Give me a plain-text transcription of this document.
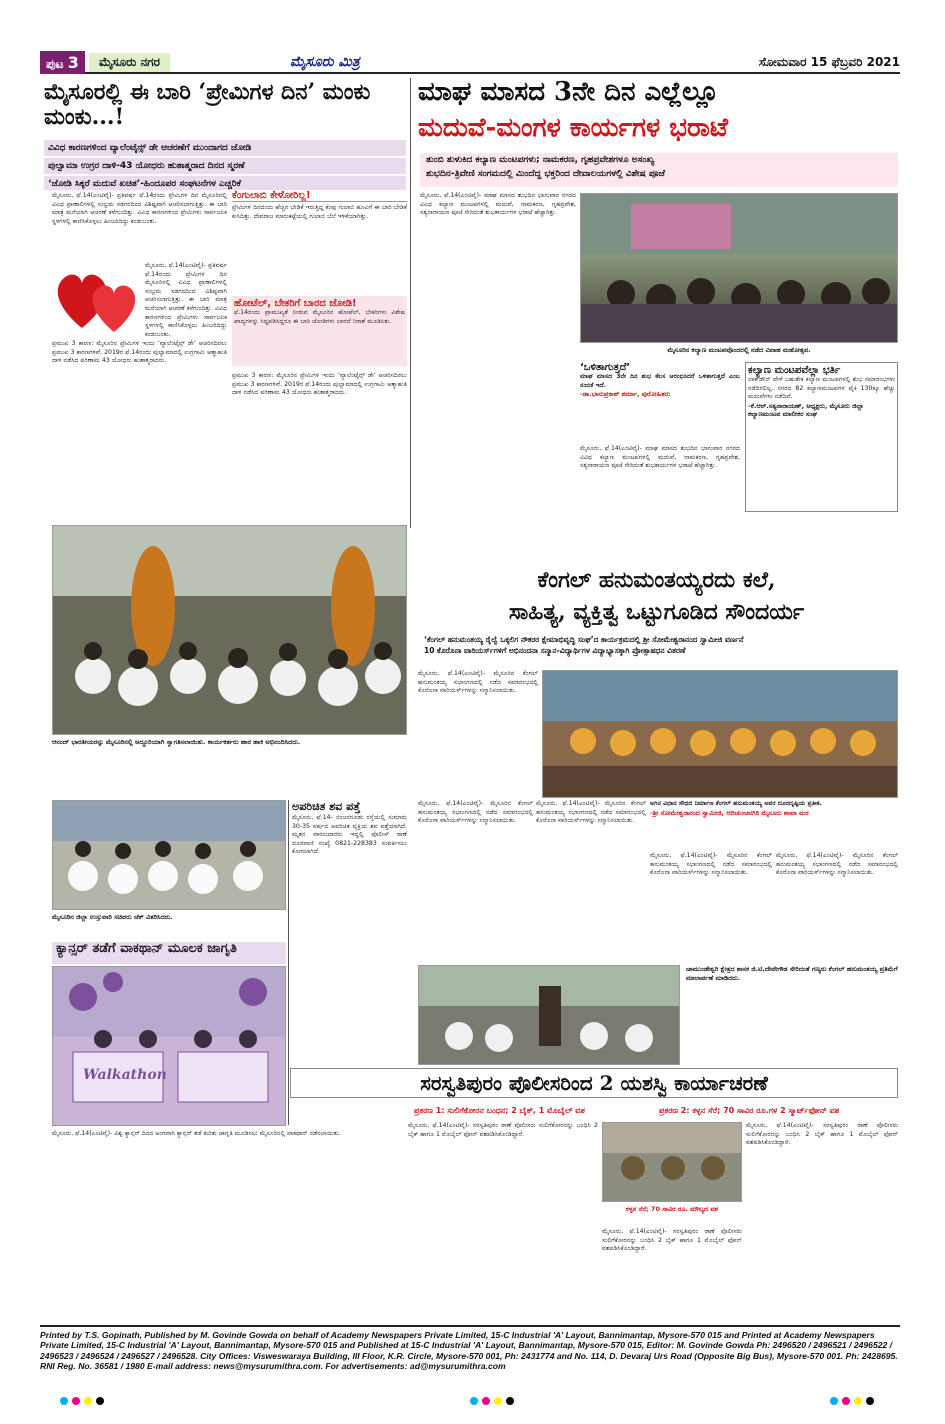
ಪುಟ 3	ಮೈಸೂರು ನಗರ	ಮೈಸೂರು ಮಿತ್ರ	ಸೋಮವಾರ 15 ಫೆಬ್ರವರಿ 2021
ಮೈಸೂರಲ್ಲಿ ಈ ಬಾರಿ ‘ಪ್ರೇಮಿಗಳ ದಿನ’ ಮಂಕು ಮಂಕು...!
ವಿವಿಧ ಕಾರಣಗಳಿಂದ ವ್ಯಾಲೆಂಟೈನ್ಸ್ ಡೇ ಆಚರಣೆಗೆ ಮುಂದಾಗದ ಜೋಡಿ
ಪುಲ್ವಾಮಾ ಉಗ್ರರ ದಾಳಿ-43 ಯೋಧರು ಹುತಾತ್ಮರಾದ ದಿನದ ಸ್ಮರಣೆ
‘ಜೋಡಿ ಸಿಕ್ಕರೆ ಮದುವೆ ಖಚಿತ’-ಹಿಂದೂಪರ ಸಂಘಟನೆಗಳ ಎಚ್ಚರಿಕೆ
ಮೈಸೂರು, ಫೆ.14(ಎಂಟಿವೈ)- ಪ್ರತಿವರ್ಷ ಫೆ.14ರಂದು ಪ್ರೇಮಿಗಳ ದಿನ ಮೈಸೂರಿನಲ್ಲಿ ವಿವಿಧ ಪ್ರಾಣಾಲಿಗಳಲ್ಲಿ ಸಂಭ್ರಮ ಸಡಗರದಿಂದ ವಿಶಿಷ್ಟವಾಗಿ ಆಚರಿಸಲಾಗುತ್ತಿತ್ತು. ಈ ಬಾರಿ ಮಾತ್ರ ಮರೆಯಾಗಿ ಆಚರಣೆ ಕಳೆಗುಂದಿತ್ತು. ವಿವಿಧ ಕಾರಣಗಳಿಂದ ಪ್ರೇಮಿಗಳು ಸಾರ್ವಜನಿಕ ಸ್ಥಳಗಳಲ್ಲಿ ಕಾಣಿಸಿಕೊಳ್ಳಲು ಹಿಂಜರಿದಿದ್ದು ಕಂಡುಬಂತು.
ಮೈಸೂರು, ಫೆ.14(ಎಂಟಿವೈ)- ಪ್ರತಿವರ್ಷ ಫೆ.14ರಂದು ಪ್ರೇಮಿಗಳ ದಿನ ಮೈಸೂರಿನಲ್ಲಿ ವಿವಿಧ ಪ್ರಾಣಾಲಿಗಳಲ್ಲಿ ಸಂಭ್ರಮ ಸಡಗರದಿಂದ ವಿಶಿಷ್ಟವಾಗಿ ಆಚರಿಸಲಾಗುತ್ತಿತ್ತು. ಈ ಬಾರಿ ಮಾತ್ರ ಮರೆಯಾಗಿ ಆಚರಣೆ ಕಳೆಗುಂದಿತ್ತು. ವಿವಿಧ ಕಾರಣಗಳಿಂದ ಪ್ರೇಮಿಗಳು ಸಾರ್ವಜನಿಕ ಸ್ಥಳಗಳಲ್ಲಿ ಕಾಣಿಸಿಕೊಳ್ಳಲು ಹಿಂಜರಿದಿದ್ದು ಕಂಡುಬಂತು.
ಪ್ರಮುಖ 3 ಕಾರಣ: ಮೈಸೂರಿನ ಪ್ರೇಮಿಗಳ ಇಂದು ‘ವ್ಯಾಲೆಂಟೈನ್ಸ್ ಡೇ’ ಆಚರಿಸದಿರಲು ಪ್ರಮುಖ 3 ಕಾರಣಗಳಿವೆ. 2019ರ ಫೆ.14ರಂದು ಪುಲ್ವಾಮಾದಲ್ಲಿ ಉಗ್ರಗಾಮಿ ಆತ್ಮಾಹುತಿ ದಾಳಿ ನಡೆಸಿದ ಪರಿಣಾಮ 43 ಯೋಧರು ಹುತಾತ್ಮರಾದರು.
ಕೆಂಗುಲಾಬಿ ಕೇಳೋರಿಲ್ಲ!
ಪ್ರೇಮಿಗಳ ದಿನದಂದು ಹೆಚ್ಚಿನ ಬೇಡಿಕೆ ಇರುತ್ತಿದ್ದ ಕೆಂಪು ಗುಲಾಬಿ ಹೂವಿಗೆ ಈ ಬಾರಿ ಬೇಡಿಕೆ ಕುಸಿದಿತ್ತು. ದೇವರಾಜ ಮಾರುಕಟ್ಟೆಯಲ್ಲಿ ಗುಲಾಬಿ ಬೆಲೆ ಇಳಿಕೆಯಾಗಿತ್ತು.
ಹೋಟೆಲ್, ಬೇಕರಿಗೆ ಬಾರದ ಜೋಡಿ!
ಫೆ.14ರಂದು ಪ್ರಾಮುಖ್ಯತೆ ನೀಡುವ ಮೈಸೂರಿನ ಹೋಟೆಲ್, ಬೇಕರಿಗಳು ವಿಶೇಷ ಖಾದ್ಯಗಳನ್ನು ಸಿದ್ಧಪಡಿಸಿದ್ದರೂ ಈ ಬಾರಿ ಜೋಡಿಗಳು ಬಾರದೆ ನಿರಾಶೆ ಮೂಡಿಸಿತು.
ಪ್ರಮುಖ 3 ಕಾರಣ: ಮೈಸೂರಿನ ಪ್ರೇಮಿಗಳ ಇಂದು ‘ವ್ಯಾಲೆಂಟೈನ್ಸ್ ಡೇ’ ಆಚರಿಸದಿರಲು ಪ್ರಮುಖ 3 ಕಾರಣಗಳಿವೆ. 2019ರ ಫೆ.14ರಂದು ಪುಲ್ವಾಮಾದಲ್ಲಿ ಉಗ್ರಗಾಮಿ ಆತ್ಮಾಹುತಿ ದಾಳಿ ನಡೆಸಿದ ಪರಿಣಾಮ 43 ಯೋಧರು ಹುತಾತ್ಮರಾದರು.
ಮಾಘ ಮಾಸದ 3ನೇ ದಿನ ಎಲ್ಲೆಲ್ಲೂ
ಮದುವೆ-ಮಂಗಳ ಕಾರ್ಯಗಳ ಭರಾಟೆ
ತುಂಬಿ ತುಳುಕಿದ ಕಲ್ಯಾಣ ಮಂಟಪಗಳು; ನಾಮಕರಣ, ಗೃಹಪ್ರವೇಶಗಳೂ ಅಸಂಖ್ಯ
ಶುಭದಿನ-ತ್ರಿವೇಣಿ ಸಂಗಮದಲ್ಲಿ ಮಿಂದೆದ್ದ ಭಕ್ತರಿಂದ ದೇವಾಲಯಗಳಲ್ಲಿ ವಿಶೇಷ ಪೂಜೆ
ಮೈಸೂರು, ಫೆ.14(ಎಂಟಿವೈ)- ಮಾಘ ಮಾಸದ ಶುಭದಿನ ಭಾನುವಾರ ನಗರದ ವಿವಿಧ ಕಲ್ಯಾಣ ಮಂಟಪಗಳಲ್ಲಿ ಮದುವೆ, ನಾಮಕರಣ, ಗೃಹಪ್ರವೇಶ, ಸತ್ಯನಾರಾಯಣ ಪೂಜೆ ಸೇರಿದಂತೆ ಶುಭಕಾರ್ಯಗಳ ಭರಾಟೆ ಹೆಚ್ಚಾಗಿತ್ತು.
ಮೈಸೂರಿನ ಕಲ್ಯಾಣ ಮಂಟಪವೊಂದರಲ್ಲಿ ನಡೆದ ವಿವಾಹ ಮಹೋತ್ಸವ.
‘ಒಳಿತಾಗುತ್ತದೆ’
ಮಾಘ ಮಾಸದ 3ನೇ ದಿನ ಶುಭ ಕೆಲಸ ಆರಂಭಿಸಿದರೆ ಒಳಿತಾಗುತ್ತದೆ ಎಂಬ ನಂಬಿಕೆ ಇದೆ.
-ಡಾ.ಭಾನುಪ್ರಕಾಶ್ ಶರ್ಮಾ, ಪುರೋಹಿತರು
ಕಲ್ಯಾಣ ಮಂಟಪವೆಲ್ಲಾ ಭರ್ತಿ
ಲಾಕ್‌ಡೌನ್ ವೇಳೆ ಬಹುತೇಕ ಕಲ್ಯಾಣ ಮಂಟಪಗಳಲ್ಲಿ ಶುಭ ಸಮಾರಂಭಗಳು ನಡೆದಿರಲಿಲ್ಲ. ನಗರದ 82 ಕಲ್ಯಾಣಮಂಟಪಗಳ ಪೈಕಿ 130ಕ್ಕೂ ಹೆಚ್ಚು ಮದುವೆಗಳು ನಡೆದಿವೆ.
-ಕೆ.ಆರ್.ಸತ್ಯನಾರಾಯಣ್, ಅಧ್ಯಕ್ಷರು, ಮೈಸೂರು ಜಿಲ್ಲಾ ಕಲ್ಯಾಣಮಂಟಪ ಮಾಲೀಕರ ಸಂಘ
ಮೈಸೂರು, ಫೆ.14(ಎಂಟಿವೈ)- ಮಾಘ ಮಾಸದ ಶುಭದಿನ ಭಾನುವಾರ ನಗರದ ವಿವಿಧ ಕಲ್ಯಾಣ ಮಂಟಪಗಳಲ್ಲಿ ಮದುವೆ, ನಾಮಕರಣ, ಗೃಹಪ್ರವೇಶ, ಸತ್ಯನಾರಾಯಣ ಪೂಜೆ ಸೇರಿದಂತೆ ಶುಭಕಾರ್ಯಗಳ ಭರಾಟೆ ಹೆಚ್ಚಾಗಿತ್ತು.
ಆನಂದ್ ಭಾರತೀಯರನ್ನು ಮೈಸೂರಿನಲ್ಲಿ ಅದ್ಧೂರಿಯಾಗಿ ಸ್ವಾಗತಿಸಲಾಯಿತು. ಕಾರ್ಯಕರ್ತರು ಹಾರ ಹಾಕಿ ಅಭಿನಂದಿಸಿದರು.
ಕೆಂಗಲ್ ಹನುಮಂತಯ್ಯರದು ಕಲೆ,
ಸಾಹಿತ್ಯ, ವ್ಯಕ್ತಿತ್ವ ಒಟ್ಟುಗೂಡಿದ ಸೌಂದರ್ಯ
‘ಕೆಂಗಲ್ ಹನುಮಂತಯ್ಯ ರೈಲ್ವೆ ಒಕ್ಕಲಿಗ ನೌಕರರ ಕ್ಷೇಮಾಭಿವೃದ್ಧಿ ಸಂಘ’ದ ಕಾರ್ಯಕ್ರಮದಲ್ಲಿ ಶ್ರೀ ಸೋಮೇಶ್ವರಾನಂದ ಸ್ವಾಮೀಜಿ ವರ್ಣನೆ
10 ಕೊರೊನಾ ವಾರಿಯರ್ಸ್‌ಗಳಿಗೆ ಅಭಿನಂದನಾ ಸನ್ಮಾನ-ವಿದ್ಯಾರ್ಥಿಗಳ ವಿದ್ಯಾಭ್ಯಾಸಕ್ಕಾಗಿ ಪ್ರೋತ್ಸಾಹಧನ ವಿತರಣೆ
ಮೈಸೂರು, ಫೆ.14(ಎಂಟಿವೈ)- ಮೈಸೂರಿನ ಕೆಂಗಲ್ ಹನುಮಂತಯ್ಯ ಸಭಾಂಗಣದಲ್ಲಿ ನಡೆದ ಸಮಾರಂಭದಲ್ಲಿ ಕೊರೊನಾ ವಾರಿಯರ್ಸ್‌ಗಳನ್ನು ಸನ್ಮಾನಿಸಲಾಯಿತು.
ಆಗಿನ ವಿಧಾನ ಸೌಧದ ನಿರ್ಮಾಣ ಕೆಂಗಲ್ ಹನುಮಂತಯ್ಯ ಅವರ ದೂರದೃಷ್ಟಿಯ ಪ್ರತೀಕ.
-ಶ್ರೀ ಸೋಮೇಶ್ವರಾನಂದ ಸ್ವಾಮೀಜಿ, ಆದಿಚುಂಚನಗಿರಿ ಮೈಸೂರು ಶಾಖಾ ಮಠ
ಮೈಸೂರು, ಫೆ.14(ಎಂಟಿವೈ)- ಮೈಸೂರಿನ ಕೆಂಗಲ್ ಹನುಮಂತಯ್ಯ ಸಭಾಂಗಣದಲ್ಲಿ ನಡೆದ ಸಮಾರಂಭದಲ್ಲಿ ಕೊರೊನಾ ವಾರಿಯರ್ಸ್‌ಗಳನ್ನು ಸನ್ಮಾನಿಸಲಾಯಿತು.
ಮೈಸೂರು, ಫೆ.14(ಎಂಟಿವೈ)- ಮೈಸೂರಿನ ಕೆಂಗಲ್ ಹನುಮಂತಯ್ಯ ಸಭಾಂಗಣದಲ್ಲಿ ನಡೆದ ಸಮಾರಂಭದಲ್ಲಿ ಕೊರೊನಾ ವಾರಿಯರ್ಸ್‌ಗಳನ್ನು ಸನ್ಮಾನಿಸಲಾಯಿತು.
ಮೈಸೂರು, ಫೆ.14(ಎಂಟಿವೈ)- ಮೈಸೂರಿನ ಕೆಂಗಲ್ ಹನುಮಂತಯ್ಯ ಸಭಾಂಗಣದಲ್ಲಿ ನಡೆದ ಸಮಾರಂಭದಲ್ಲಿ ಕೊರೊನಾ ವಾರಿಯರ್ಸ್‌ಗಳನ್ನು ಸನ್ಮಾನಿಸಲಾಯಿತು.
ಮೈಸೂರು, ಫೆ.14(ಎಂಟಿವೈ)- ಮೈಸೂರಿನ ಕೆಂಗಲ್ ಹನುಮಂತಯ್ಯ ಸಭಾಂಗಣದಲ್ಲಿ ನಡೆದ ಸಮಾರಂಭದಲ್ಲಿ ಕೊರೊನಾ ವಾರಿಯರ್ಸ್‌ಗಳನ್ನು ಸನ್ಮಾನಿಸಲಾಯಿತು.
ಚಾಮುಂಡೇಶ್ವರಿ ಕ್ಷೇತ್ರದ ಶಾಸಕ ಜಿ.ಟಿ.ದೇವೇಗೌಡ ಸೇರಿದಂತೆ ಗಣ್ಯರು ಕೆಂಗಲ್ ಹನುಮಂತಯ್ಯ ಪ್ರತಿಮೆಗೆ ಮಾಲಾರ್ಪಣೆ ಮಾಡಿದರು.
ಮೈಸೂರಿನ ಜಿಲ್ಲಾ ಉಸ್ತುವಾರಿ ಸಚಿವರು ಚೆಕ್ ವಿತರಿಸಿದರು.
ಅಪರಿಚಿತ ಶವ ಪತ್ತೆ
ಮೈಸೂರು, ಫೆ.14- ನಂಜನಗೂಡು ರಸ್ತೆಯಲ್ಲಿ ಸುಮಾರು 30-35 ವರ್ಷದ ಅಪರಿಚಿತ ವ್ಯಕ್ತಿಯ ಶವ ಪತ್ತೆಯಾಗಿದೆ. ಮೃತನ ವಾರಸುದಾರರು ಇದ್ದಲ್ಲಿ ಪೊಲೀಸ್ ಠಾಣೆ ದೂರವಾಣಿ ಸಂಖ್ಯೆ 0821-228383 ಸಂಪರ್ಕಿಸಲು ಕೋರಲಾಗಿದೆ.
ಕ್ಯಾನ್ಸರ್ ತಡೆಗೆ ವಾಕಥಾನ್ ಮೂಲಕ ಜಾಗೃತಿ
Walkathon
ಮೈಸೂರು, ಫೆ.14(ಎಂಟಿವೈ)- ವಿಶ್ವ ಕ್ಯಾನ್ಸರ್ ದಿನದ ಅಂಗವಾಗಿ ಕ್ಯಾನ್ಸರ್ ತಡೆ ಕುರಿತು ಜಾಗೃತಿ ಮೂಡಿಸಲು ಮೈಸೂರಿನಲ್ಲಿ ವಾಕಥಾನ್ ನಡೆಸಲಾಯಿತು.
ಸರಸ್ವತಿಪುರಂ ಪೊಲೀಸರಿಂದ 2 ಯಶಸ್ವಿ ಕಾರ್ಯಾಚರಣೆ
ಪ್ರಕರಣ 1: ಸುಲಿಗೆಕೋರನ ಬಂಧನ; 2 ಬೈಕ್, 1 ಮೊಬೈಲ್ ವಶ	ಪ್ರಕರಣ 2: ಕಳ್ಳನ ಸೆರೆ; 70 ಸಾವಿರ ರೂ.ಗಳ 2 ಸ್ಮಾರ್ಟ್‌ಫೋನ್ ವಶ
ಮೈಸೂರು, ಫೆ.14(ಎಂಟಿವೈ)- ಸರಸ್ವತಿಪುರಂ ಠಾಣೆ ಪೊಲೀಸರು ಸುಲಿಗೆಕೋರನನ್ನು ಬಂಧಿಸಿ 2 ಬೈಕ್ ಹಾಗೂ 1 ಮೊಬೈಲ್ ಫೋನ್ ವಶಪಡಿಸಿಕೊಂಡಿದ್ದಾರೆ.
ಕಳ್ಳನ ಸೆರೆ; 70 ಸಾವಿರ ರೂ. ಮೌಲ್ಯದ ವಶ
ಮೈಸೂರು, ಫೆ.14(ಎಂಟಿವೈ)- ಸರಸ್ವತಿಪುರಂ ಠಾಣೆ ಪೊಲೀಸರು ಸುಲಿಗೆಕೋರನನ್ನು ಬಂಧಿಸಿ 2 ಬೈಕ್ ಹಾಗೂ 1 ಮೊಬೈಲ್ ಫೋನ್ ವಶಪಡಿಸಿಕೊಂಡಿದ್ದಾರೆ.
ಮೈಸೂರು, ಫೆ.14(ಎಂಟಿವೈ)- ಸರಸ್ವತಿಪುರಂ ಠಾಣೆ ಪೊಲೀಸರು ಸುಲಿಗೆಕೋರನನ್ನು ಬಂಧಿಸಿ 2 ಬೈಕ್ ಹಾಗೂ 1 ಮೊಬೈಲ್ ಫೋನ್ ವಶಪಡಿಸಿಕೊಂಡಿದ್ದಾರೆ.
Printed by T.S. Gopinath, Published by M. Govinde Gowda on behalf of Academy Newspapers Private Limited, 15-C Industrial 'A' Layout, Bannimantap, Mysore-570 015 and Printed at Academy Newspapers Private Limited, 15-C Industrial 'A' Layout, Bannimantap, Mysore-570 015 and Published at 15-C Industrial 'A' Layout, Bannimantap, Mysore-570 015, Editor: M. Govinde Gowda Ph: 2496520 / 2496521 / 2496522 / 2496523 / 2496524 / 2496527 / 2496528. City Offices: Visweswaraya Building, III Floor, K.R. Circle, Mysore-570 001, Ph: 2431774 and No. 114, D. Devaraj Urs Road (Opposite Big Bus), Mysore-570 001. Ph: 2428695. RNI Reg. No. 36581 / 1980 E-mail address: news@mysurumithra.com. For advertisements: ad@mysurumithra.com
